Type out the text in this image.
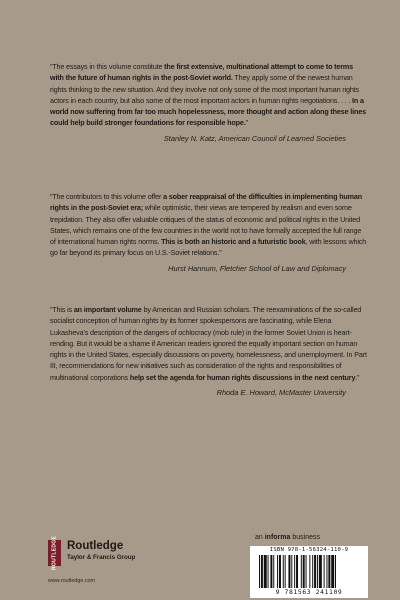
“The essays in this volume constitute the first extensive, multinational attempt to come to terms with the future of human rights in the post-Soviet world. They apply some of the newest human rights thinking to the new situation. And they involve not only some of the most important human rights actors in each country, but also some of the most important actors in human rights negotiations. . . . In a world now suffering from far too much hopelessness, more thought and action along these lines could help build stronger foundations for responsible hope.”

Stanley N. Katz, American Council of Learned Societies

“The contributors to this volume offer a sober reappraisal of the difficulties in implementing human rights in the post-Soviet era; while optimistic, their views are tempered by realism and even some trepidation. They also offer valuable critiques of the status of economic and political rights in the United States, which remains one of the few countries in the world not to have formally accepted the full range of international human rights norms. This is both an historic and a futuristic book, with lessons which go far beyond its primary focus on U.S.-Soviet relations.”

Hurst Hannum, Fletcher School of Law and Diplomacy

“This is an important volume by American and Russian scholars. The reexaminations of the so-called socialist conception of human rights by its former spokespersons are fascinating, while Elena Lukasheva’s description of the dangers of ochlocracy (mob rule) in the former Soviet Union is heart-rending. But it would be a shame if American readers ignored the equally important section on human rights in the United States, especially discussions on poverty, homelessness, and unemployment. In Part III, recommendations for new initiatives such as consideration of the rights and responsibilities of multinational corporations help set the agenda for human rights discussions in the next century.”

Rhoda E. Howard, McMaster University
ROUTLEDGE Routledge
Taylor & Francis Group
www.routledge.com
an informa business
ISBN 978-1-56324-110-9
9 781563 241109
